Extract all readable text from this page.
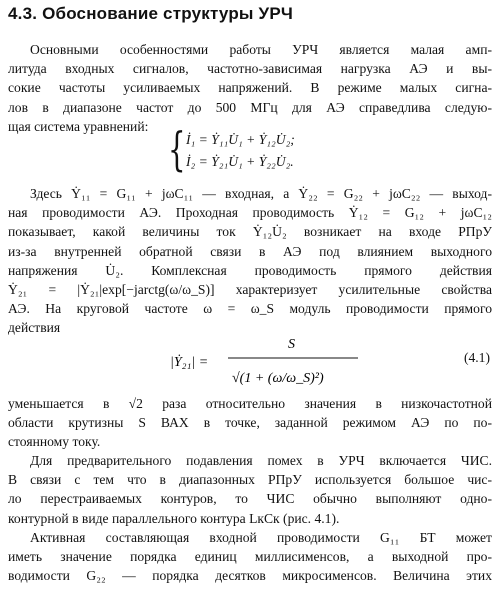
4.3. Обоснование структуры УРЧ
Основными особенностями работы УРЧ является малая амп-
литуда входных сигналов, частотно-зависимая нагрузка АЭ и вы-
сокие частоты усиливаемых напряжений. В режиме малых сигна-
лов в диапазоне частот до 500 МГц для АЭ справедлива следую-
щая система уравнений: { İ₁ = Ẏ₁₁U̇₁ + Ẏ₁₂U̇₂;
İ₂ = Ẏ₂₁U̇₁ + Ẏ₂₂U̇₂.
Здесь Ẏ₁₁ = G₁₁ + jωC₁₁ — входная, а Ẏ₂₂ = G₂₂ + jωC₂₂ — выход-
ная проводимости АЭ. Проходная проводимость Ẏ₁₂ = G₁₂ + jωC₁₂
показывает, какой величины ток Ẏ₁₂U̇₂ возникает на входе РПрУ
из-за внутренней обратной связи в АЭ под влиянием выходного
напряжения U̇₂. Комплексная проводимость прямого действия
Ẏ₂₁ = |Ẏ₂₁|exp[−jarctg(ω/ω_S)] характеризует усилительные свойства
АЭ. На круговой частоте ω = ω_S модуль проводимости прямого
действия
|Ẏ₂₁| =
S
√(1 + (ω/ω_S)²)
(4.1)
уменьшается в √2 раза относительно значения в низкочастотной
области крутизны S ВАХ в точке, заданной режимом АЭ по по-
стоянному току.
Для предварительного подавления помех в УРЧ включается ЧИС.
В связи с тем что в диапазонных РПрУ используется большое чис-
ло перестраиваемых контуров, то ЧИС обычно выполняют одно-
контурной в виде параллельного контура LкCк (рис. 4.1).
Активная составляющая входной проводимости G₁₁ БТ может
иметь значение порядка единиц миллисименсов, а выходной про-
водимости G₂₂ — порядка десятков микросименсов. Величина этих
